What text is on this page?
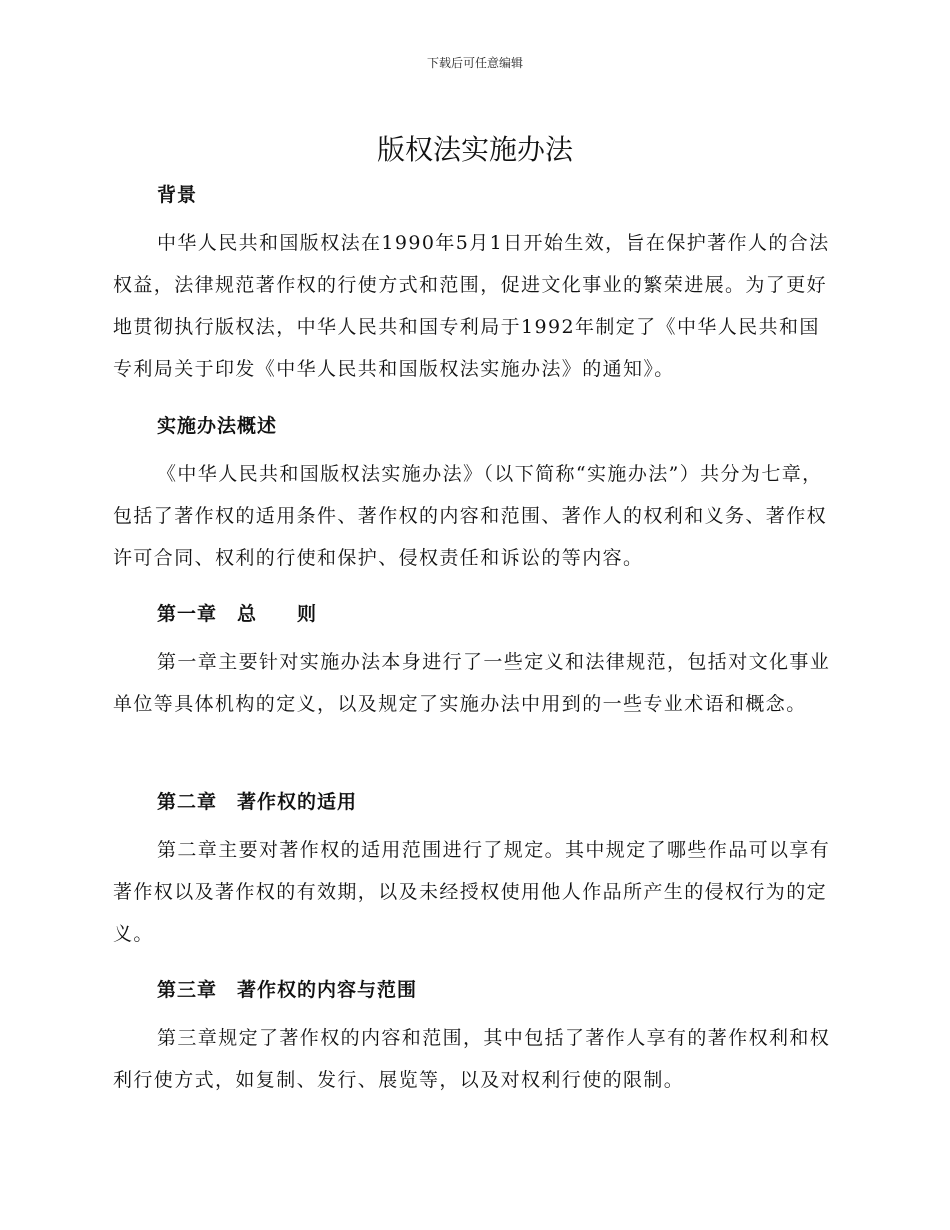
下载后可任意编辑
版权法实施办法
背景

中华人民共和国版权法在1990年5月1日开始生效，旨在保护著作人的合法权益，法律规范著作权的行使方式和范围，促进文化事业的繁荣进展。为了更好地贯彻执行版权法，中华人民共和国专利局于1992年制定了《中华人民共和国专利局关于印发《中华人民共和国版权法实施办法》的通知》。

实施办法概述

《中华人民共和国版权法实施办法》（以下简称“实施办法”）共分为七章，包括了著作权的适用条件、著作权的内容和范围、著作人的权利和义务、著作权许可合同、权利的行使和保护、侵权责任和诉讼的等内容。

第一章　总　　则

第一章主要针对实施办法本身进行了一些定义和法律规范，包括对文化事业单位等具体机构的定义，以及规定了实施办法中用到的一些专业术语和概念。

第二章　著作权的适用

第二章主要对著作权的适用范围进行了规定。其中规定了哪些作品可以享有著作权以及著作权的有效期，以及未经授权使用他人作品所产生的侵权行为的定义。

第三章　著作权的内容与范围

第三章规定了著作权的内容和范围，其中包括了著作人享有的著作权利和权利行使方式，如复制、发行、展览等，以及对权利行使的限制。
